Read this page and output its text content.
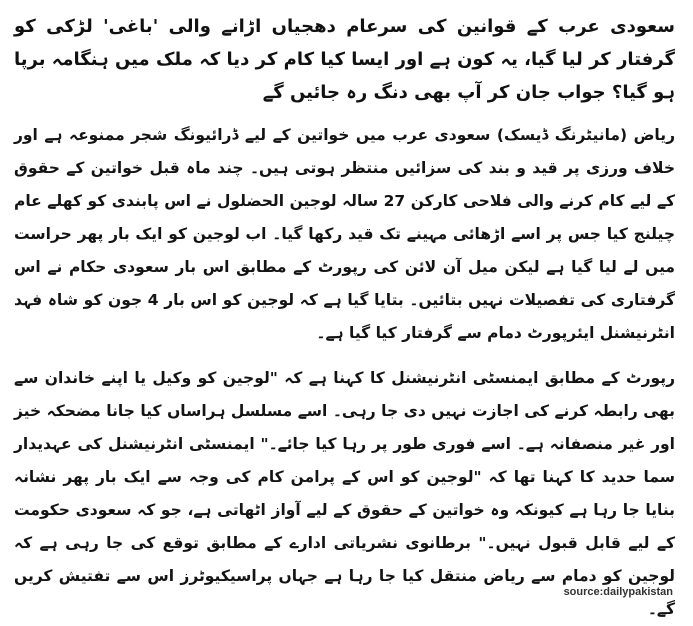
سعودی عرب کے قوانین کی سرعام دھجیاں اڑانے والی 'باغی' لڑکی کو گرفتار کر لیا گیا، یہ کون ہے اور ایسا کیا کام کر دیا کہ ملک میں ہنگامہ برپا ہو گیا؟ جواب جان کر آپ بھی دنگ رہ جائیں گے
ریاض (مانیٹرنگ ڈیسک) سعودی عرب میں خواتین کے لیے ڈرائیونگ شجر ممنوعہ ہے اور خلاف ورزی پر قید و بند کی سزائیں منتظر ہوتی ہیں۔ چند ماہ قبل خواتین کے حقوق کے لیے کام کرنے والی فلاحی کارکن 27 سالہ لوجین الحضلول نے اس پابندی کو کھلے عام چیلنج کیا جس پر اسے اڑھائی مہینے تک قید رکھا گیا۔ اب لوجین کو ایک بار پھر حراست میں لے لیا گیا ہے لیکن میل آن لائن کی رپورٹ کے مطابق اس بار سعودی حکام نے اس گرفتاری کی تفصیلات نہیں بتائیں۔ بتایا گیا ہے کہ لوجین کو اس بار 4 جون کو شاہ فہد انٹرنیشنل ایئرپورٹ دمام سے گرفتار کیا گیا ہے۔
رپورٹ کے مطابق ایمنسٹی انٹرنیشنل کا کہنا ہے کہ "لوجین کو وکیل یا اپنے خاندان سے بھی رابطہ کرنے کی اجازت نہیں دی جا رہی۔ اسے مسلسل ہراساں کیا جانا مضحکہ خیز اور غیر منصفانہ ہے۔ اسے فوری طور پر رہا کیا جائے۔" ایمنسٹی انٹرنیشنل کی عہدیدار سما حدید کا کہنا تھا کہ "لوجین کو اس کے پرامن کام کی وجہ سے ایک بار پھر نشانہ بنایا جا رہا ہے کیونکہ وہ خواتین کے حقوق کے لیے آواز اٹھاتی ہے، جو کہ سعودی حکومت کے لیے قابل قبول نہیں۔" برطانوی نشریاتی ادارے کے مطابق توقع کی جا رہی ہے کہ لوجین کو دمام سے ریاض منتقل کیا جا رہا ہے جہاں پراسیکیوٹرز اس سے تفتیش کریں گے۔
source:dailypakistan
